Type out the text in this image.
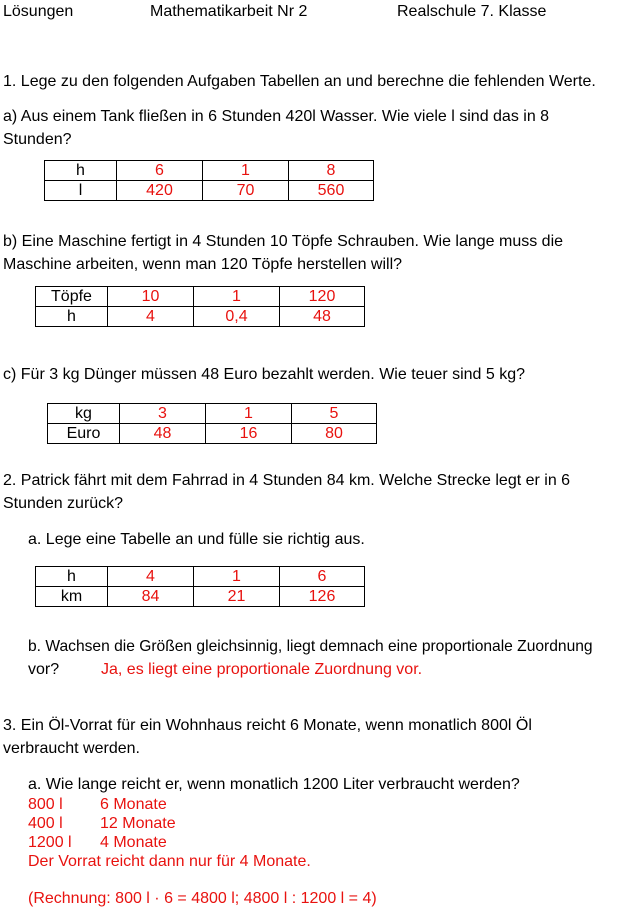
Lösungen	Mathematikarbeit Nr 2	Realschule 7. Klasse
1. Lege zu den folgenden Aufgaben Tabellen an und berechne die fehlenden Werte.
a) Aus einem Tank fließen in 6 Stunden 420l Wasser. Wie viele l sind das in 8
Stunden?
h	6	1	8
l	420	70	560
b) Eine Maschine fertigt in 4 Stunden 10 Töpfe Schrauben. Wie lange muss die
Maschine arbeiten, wenn man 120 Töpfe herstellen will?
Töpfe	10	1	120
h	4	0,4	48
c) Für 3 kg Dünger müssen 48 Euro bezahlt werden. Wie teuer sind 5 kg?
kg	3	1	5
Euro	48	16	80
2. Patrick fährt mit dem Fahrrad in 4 Stunden 84 km. Welche Strecke legt er in 6
Stunden zurück?
a. Lege eine Tabelle an und fülle sie richtig aus.
h	4	1	6
km	84	21	126
b. Wachsen die Größen gleichsinnig, liegt demnach eine proportionale Zuordnung
vor?	Ja, es liegt eine proportionale Zuordnung vor.
3. Ein Öl-Vorrat für ein Wohnhaus reicht 6 Monate, wenn monatlich 800l Öl
verbraucht werden.
a. Wie lange reicht er, wenn monatlich 1200 Liter verbraucht werden?
800 l 6 Monate
400 l 12 Monate
1200 l 4 Monate
Der Vorrat reicht dann nur für 4 Monate.
(Rechnung: 800 l · 6 = 4800 l; 4800 l : 1200 l = 4)
